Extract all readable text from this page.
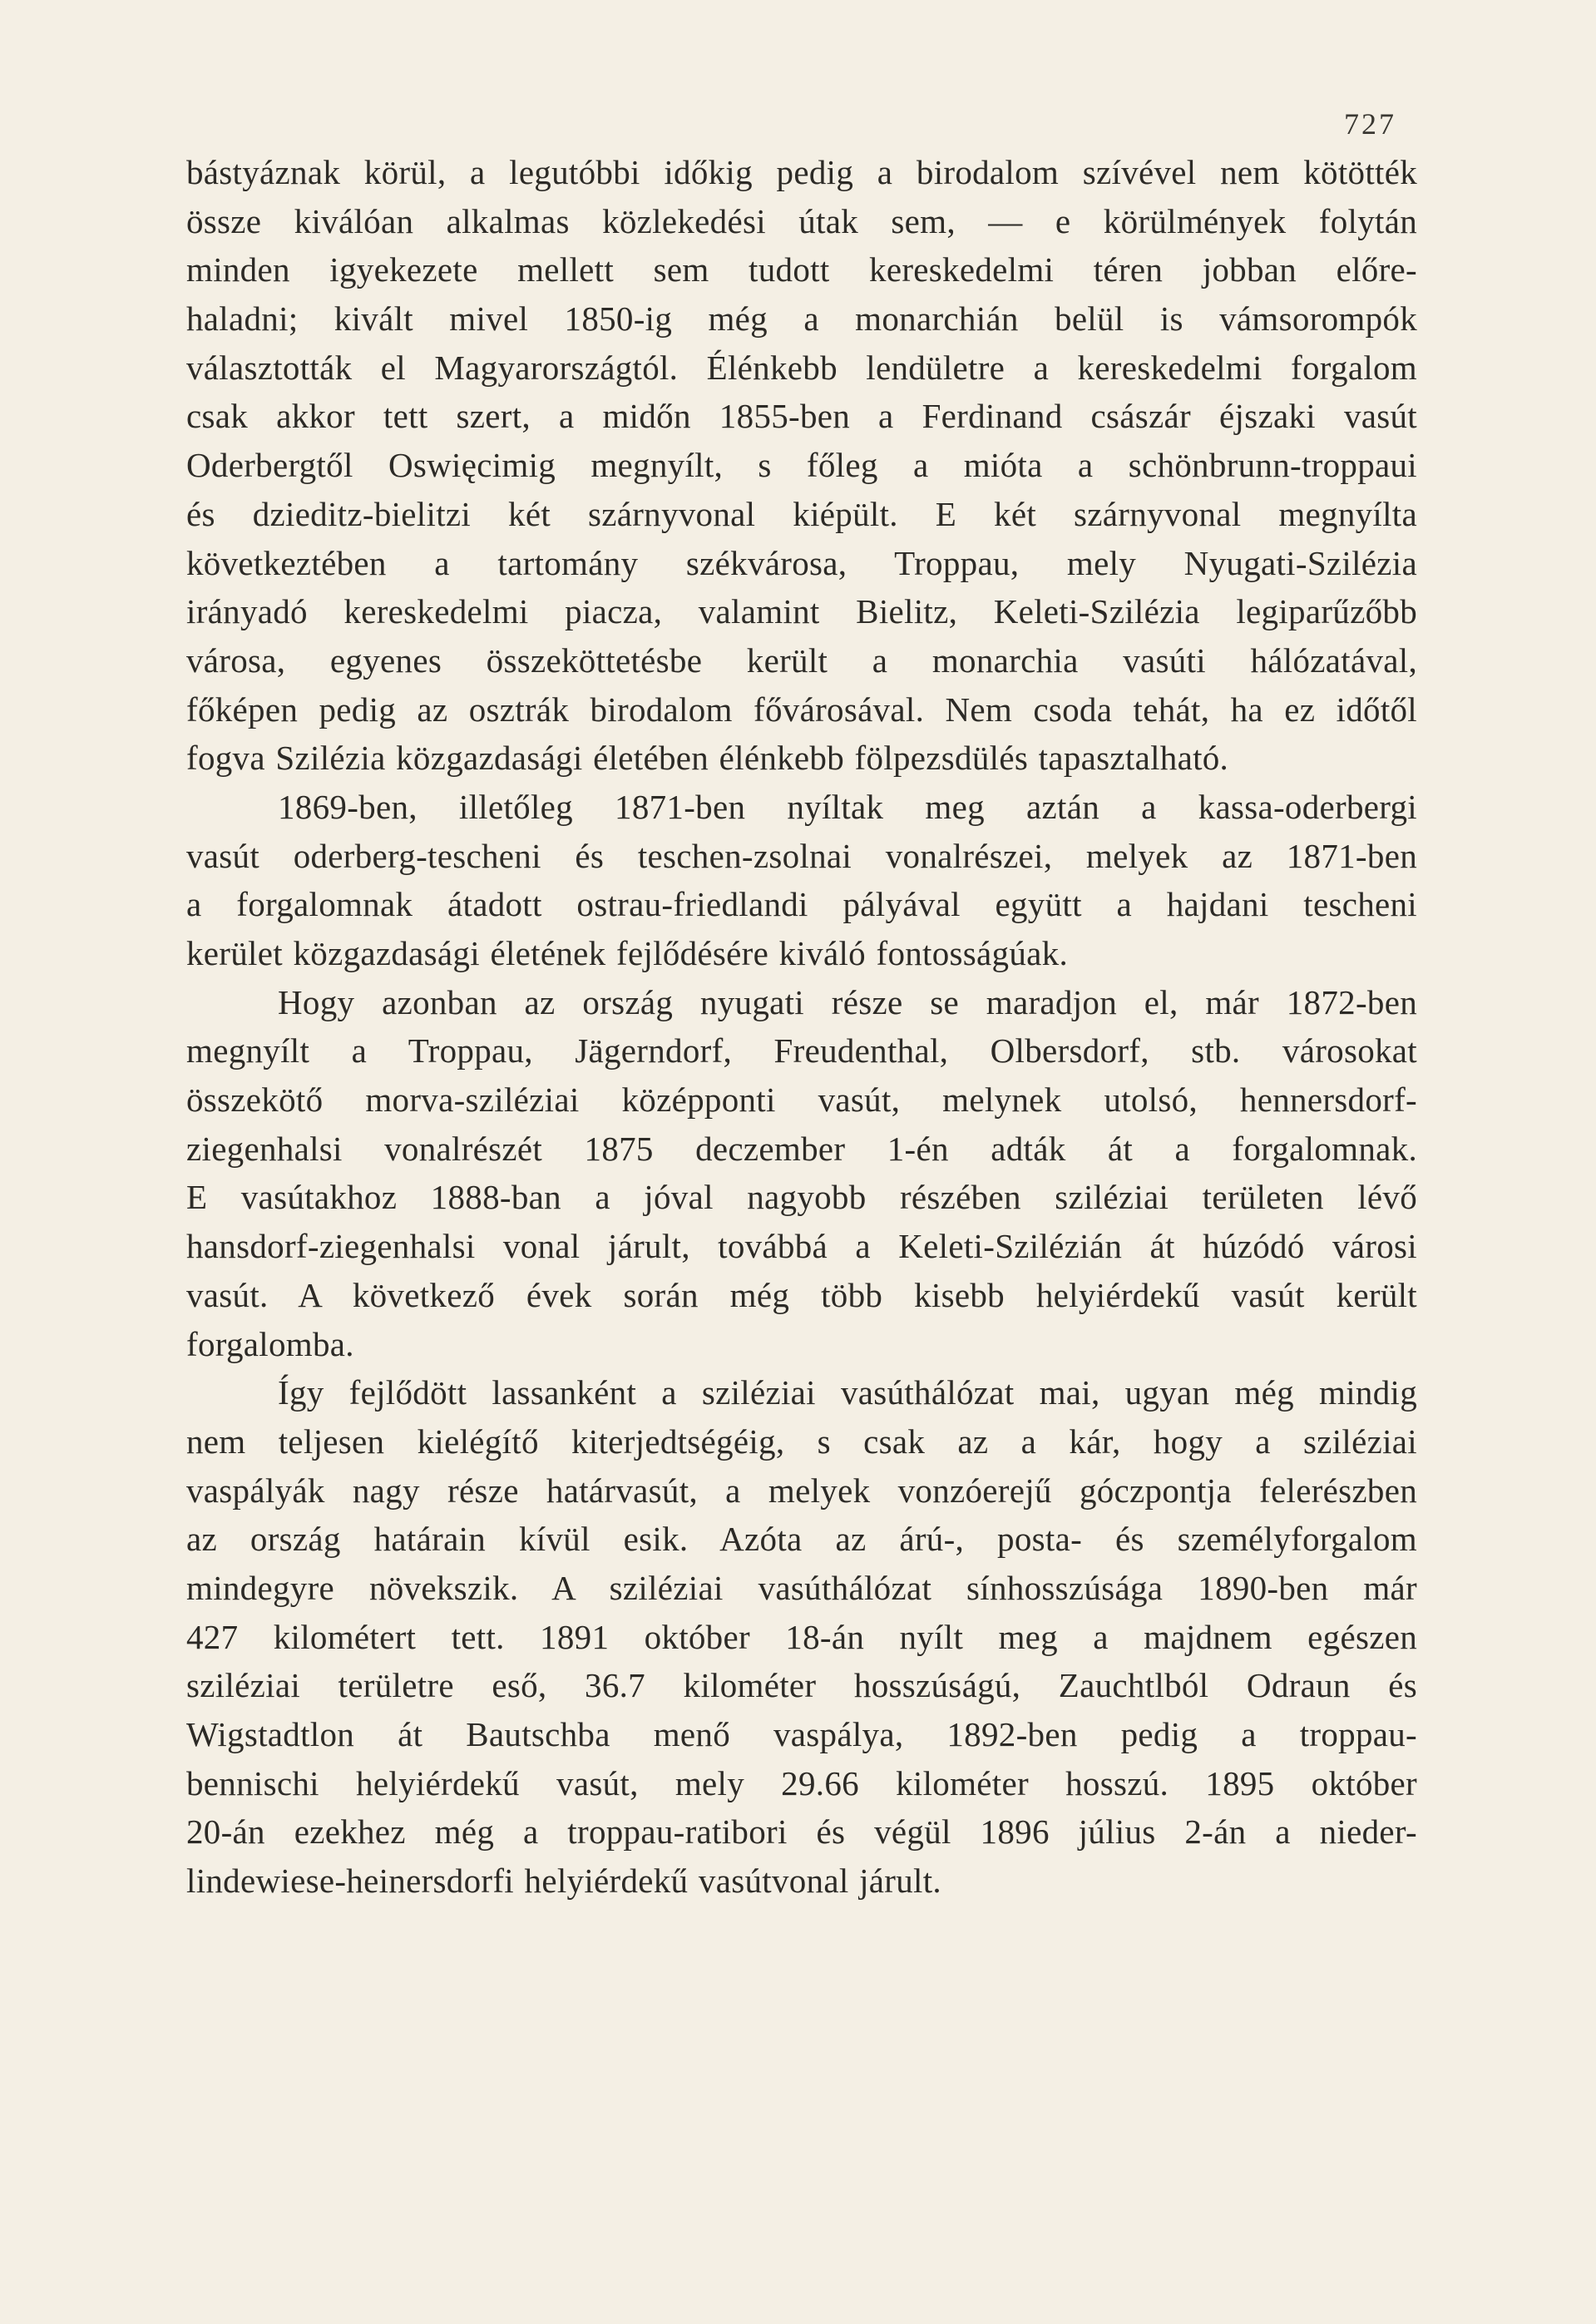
727
bástyáznak körül, a legutóbbi időkig pedig a birodalom szívével nem kötötték
össze kiválóan alkalmas közlekedési útak sem, — e körülmények folytán
minden igyekezete mellett sem tudott kereskedelmi téren jobban előre-
haladni; kivált mivel 1850-ig még a monarchián belül is vámsorompók
választották el Magyarországtól. Élénkebb lendületre a kereskedelmi forgalom
csak akkor tett szert, a midőn 1855-ben a Ferdinand császár éjszaki vasút
Oderbergtől Oswięcimig megnyílt, s főleg a mióta a schönbrunn-troppaui
és dzieditz-bielitzi két szárnyvonal kiépült. E két szárnyvonal megnyílta
következtében a tartomány székvárosa, Troppau, mely Nyugati-Szilézia
irányadó kereskedelmi piacza, valamint Bielitz, Keleti-Szilézia legiparűzőbb
városa, egyenes összeköttetésbe került a monarchia vasúti hálózatával,
főképen pedig az osztrák birodalom fővárosával. Nem csoda tehát, ha ez időtől
fogva Szilézia közgazdasági életében élénkebb fölpezsdülés tapasztalható.
1869-ben, illetőleg 1871-ben nyíltak meg aztán a kassa-oderbergi
vasút oderberg-tescheni és teschen-zsolnai vonalrészei, melyek az 1871-ben
a forgalomnak átadott ostrau-friedlandi pályával együtt a hajdani tescheni
kerület közgazdasági életének fejlődésére kiváló fontosságúak.
Hogy azonban az ország nyugati része se maradjon el, már 1872-ben
megnyílt a Troppau, Jägerndorf, Freudenthal, Olbersdorf, stb. városokat
összekötő morva-sziléziai középponti vasút, melynek utolsó, hennersdorf-
ziegenhalsi vonalrészét 1875 deczember 1-én adták át a forgalomnak.
E vasútakhoz 1888-ban a jóval nagyobb részében sziléziai területen lévő
hansdorf-ziegenhalsi vonal járult, továbbá a Keleti-Szilézián át húzódó városi
vasút. A következő évek során még több kisebb helyiérdekű vasút került
forgalomba.
Így fejlődött lassanként a sziléziai vasúthálózat mai, ugyan még mindig
nem teljesen kielégítő kiterjedtségéig, s csak az a kár, hogy a sziléziai
vaspályák nagy része határvasút, a melyek vonzóerejű góczpontja felerészben
az ország határain kívül esik. Azóta az árú-, posta- és személyforgalom
mindegyre növekszik. A sziléziai vasúthálózat sínhosszúsága 1890-ben már
427 kilométert tett. 1891 október 18-án nyílt meg a majdnem egészen
sziléziai területre eső, 36.7 kilométer hosszúságú, Zauchtlból Odraun és
Wigstadtlon át Bautschba menő vaspálya, 1892-ben pedig a troppau-
bennischi helyiérdekű vasút, mely 29.66 kilométer hosszú. 1895 október
20-án ezekhez még a troppau-ratibori és végül 1896 július 2-án a nieder-
lindewiese-heinersdorfi helyiérdekű vasútvonal járult.
